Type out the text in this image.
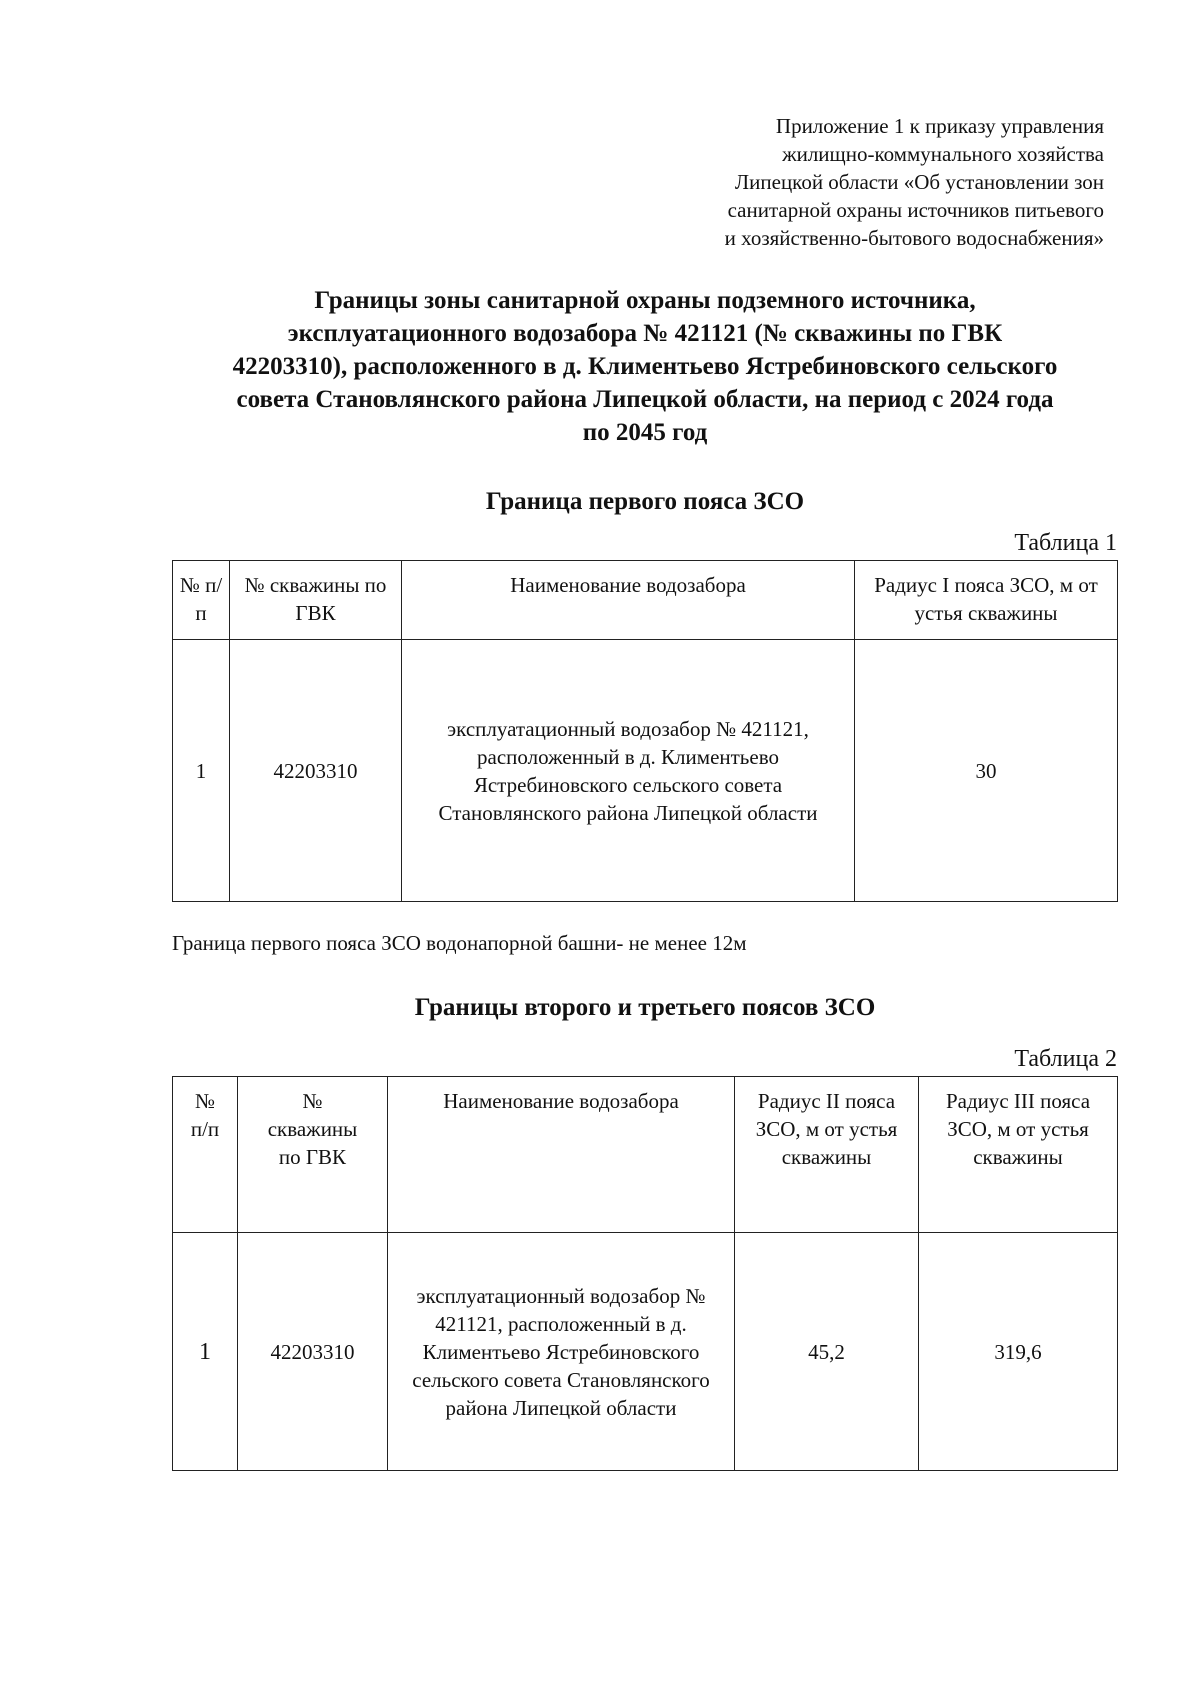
Приложение 1 к приказу управления
жилищно-коммунального хозяйства
Липецкой области «Об установлении зон
санитарной охраны источников питьевого
и хозяйственно-бытового водоснабжения»
Границы зоны санитарной охраны подземного источника,
эксплуатационного водозабора № 421121 (№ скважины по ГВК
42203310), расположенного в д. Климентьево Ястребиновского сельского
совета Становлянского района Липецкой области, на период с 2024 года
по 2045 год
Граница первого пояса ЗСО
Таблица 1
№ п/п	№ скважины по ГВК	Наименование водозабора	Радиус I пояса ЗСО, м от устья скважины
1	42203310	эксплуатационный водозабор № 421121, расположенный в д. Климентьево Ястребиновского сельского совета Становлянского района Липецкой области	30
Граница первого пояса ЗСО водонапорной башни- не менее 12м
Границы второго и третьего поясов ЗСО
Таблица 2
№ п/п	№ скважины по ГВК	Наименование водозабора	Радиус II пояса ЗСО, м от устья скважины	Радиус III пояса ЗСО, м от устья скважины
1	42203310	эксплуатационный водозабор № 421121, расположенный в д. Климентьево Ястребиновского сельского совета Становлянского района Липецкой области	45,2	319,6
